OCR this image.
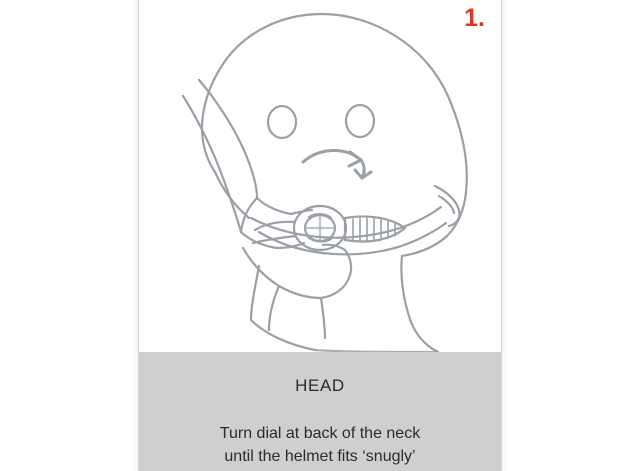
1.
HEAD
Turn dial at back of the neck
until the helmet fits ‘snugly’
